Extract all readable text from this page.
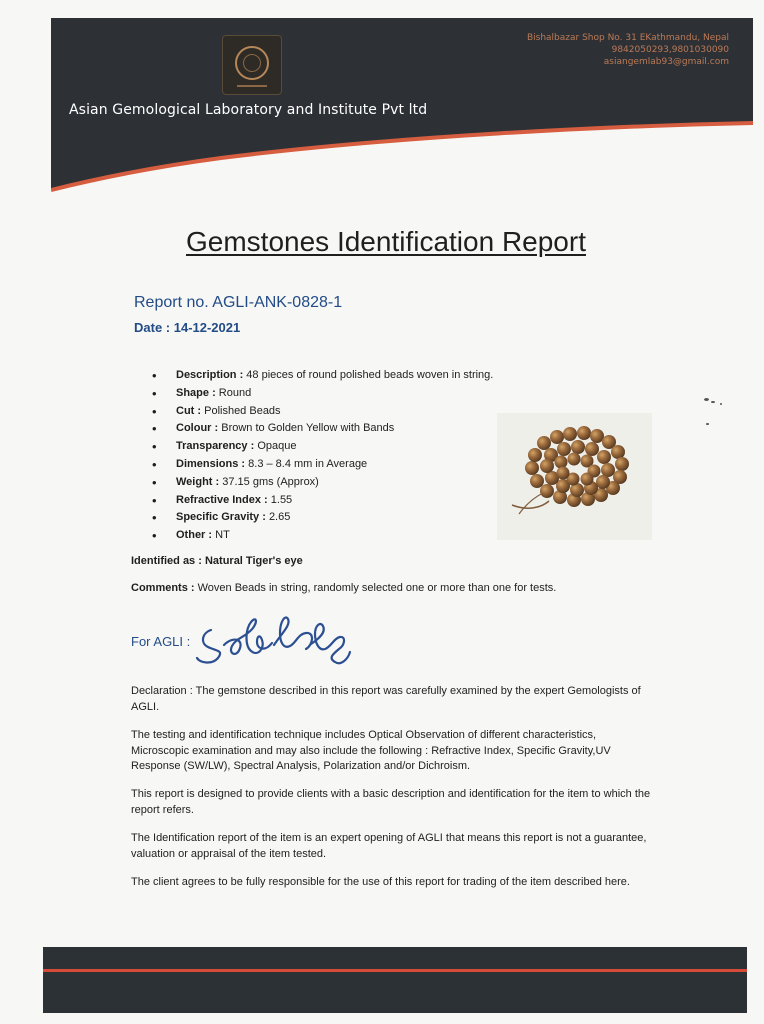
Asian Gemological Laboratory and Institute Pvt ltd
Bishalbazar Shop No. 31 EKathmandu, Nepal
9842050293,9801030090
asiangemlab93@gmail.com
Gemstones Identification Report
Report no. AGLI-ANK-0828-1
Date : 14-12-2021
• Description : 48 pieces of round polished beads woven in string.
• Shape : Round
• Cut : Polished Beads
• Colour : Brown to Golden Yellow with Bands
• Transparency : Opaque
• Dimensions : 8.3 – 8.4 mm in Average
• Weight : 37.15 gms (Approx)
• Refractive Index : 1.55
• Specific Gravity : 2.65
• Other : NT
Identified as : Natural Tiger's eye
Comments : Woven Beads in string, randomly selected one or more than one for tests.
For AGLI :

Declaration : The gemstone described in this report was carefully examined by the expert Gemologists of AGLI.

The testing and identification technique includes Optical Observation of different characteristics, Microscopic examination and may also include the following : Refractive Index, Specific Gravity,UV Response (SW/LW), Spectral Analysis, Polarization and/or Dichroism.

This report is designed to provide clients with a basic description and identification for the item to which the report refers.

The Identification report of the item is an expert opening of AGLI that means this report is not a guarantee, valuation or appraisal of the item tested.

The client agrees to be fully responsible for the use of this report for trading of the item described here.
